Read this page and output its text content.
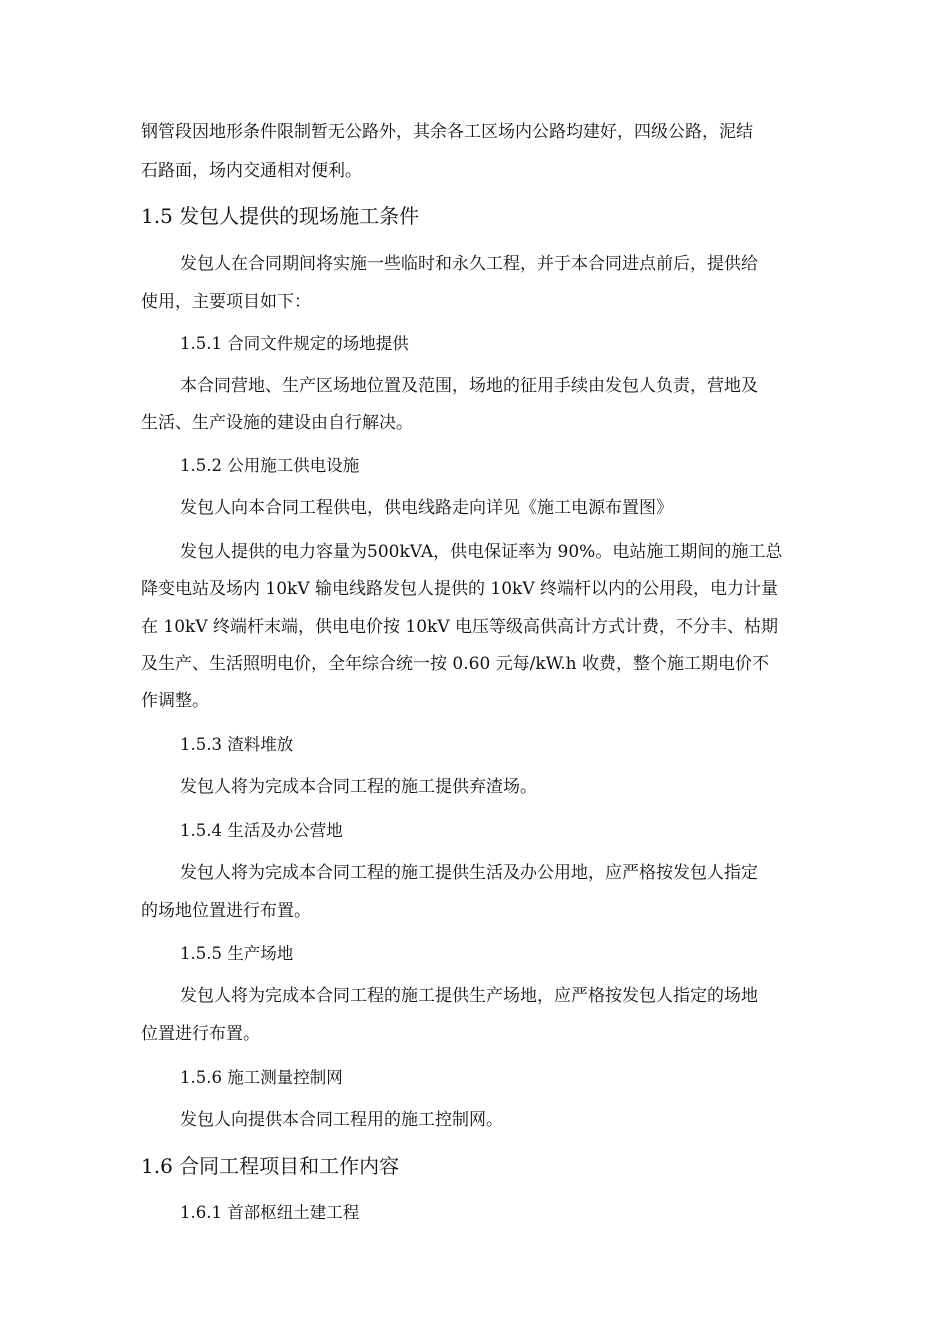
钢管段因地形条件限制暂无公路外，其余各工区场内公路均建好，四级公路，泥结
石路面，场内交通相对便利。
1.5 发包人提供的现场施工条件
发包人在合同期间将实施一些临时和永久工程，并于本合同进点前后，提供给
使用，主要项目如下：
1.5.1 合同文件规定的场地提供
本合同营地、生产区场地位置及范围，场地的征用手续由发包人负责，营地及
生活、生产设施的建设由自行解决。
1.5.2 公用施工供电设施
发包人向本合同工程供电，供电线路走向详见《施工电源布置图》
发包人提供的电力容量为500kVA，供电保证率为 90%。电站施工期间的施工总
降变电站及场内 10kV 输电线路发包人提供的 10kV 终端杆以内的公用段，电力计量
在 10kV 终端杆末端，供电电价按 10kV 电压等级高供高计方式计费，不分丰、枯期
及生产、生活照明电价，全年综合统一按 0.60 元每/kW.h 收费，整个施工期电价不
作调整。
1.5.3 渣料堆放
发包人将为完成本合同工程的施工提供弃渣场。
1.5.4 生活及办公营地
发包人将为完成本合同工程的施工提供生活及办公用地，应严格按发包人指定
的场地位置进行布置。
1.5.5 生产场地
发包人将为完成本合同工程的施工提供生产场地，应严格按发包人指定的场地
位置进行布置。
1.5.6 施工测量控制网
发包人向提供本合同工程用的施工控制网。
1.6 合同工程项目和工作内容
1.6.1 首部枢纽土建工程
